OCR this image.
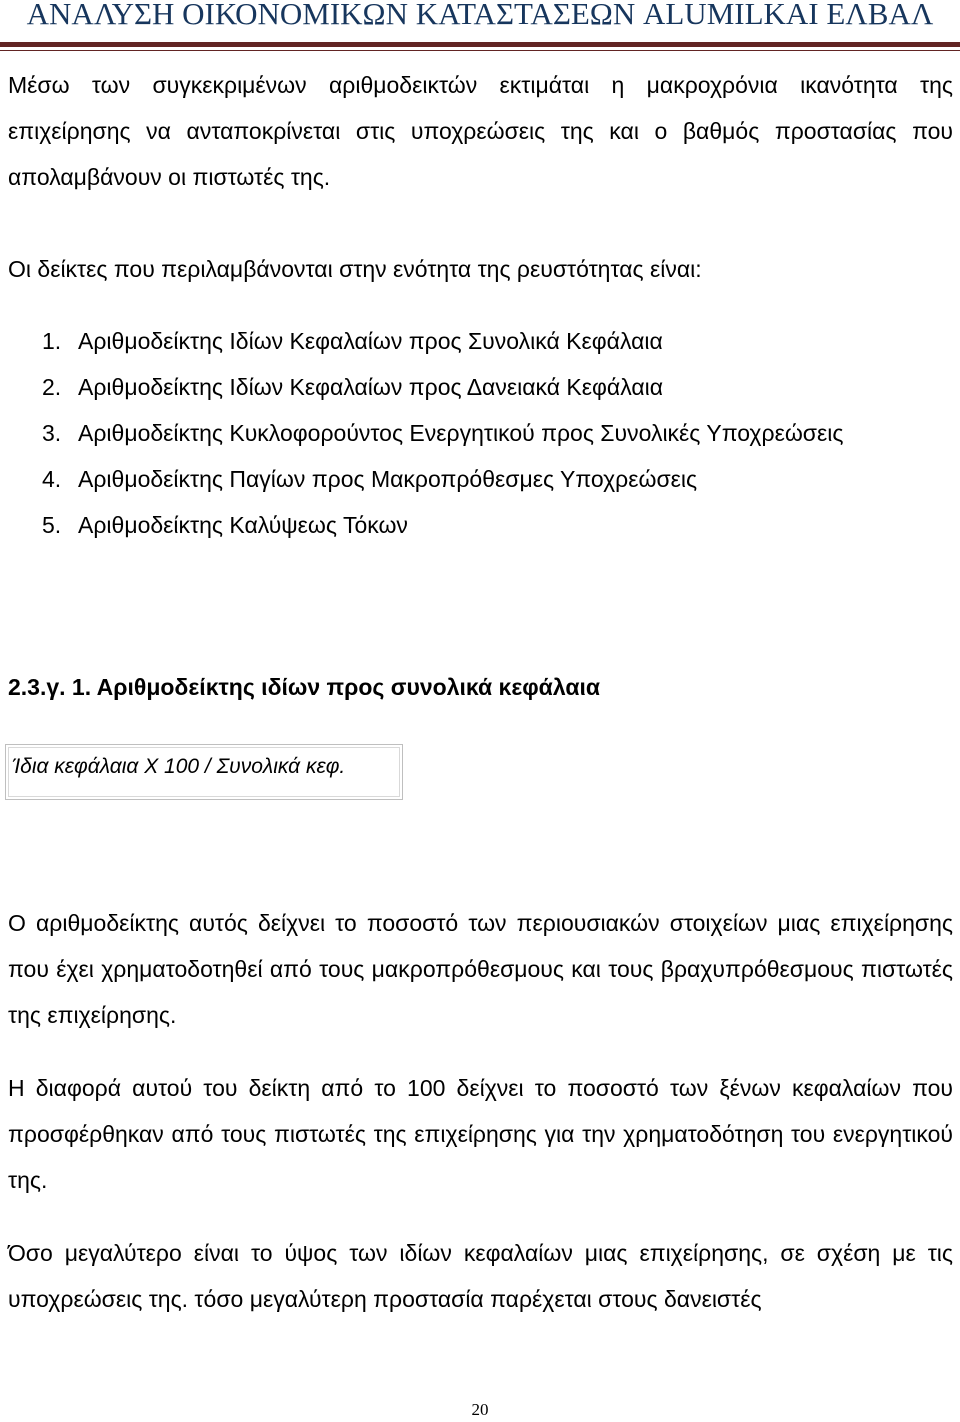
ΑΝΑΛΥΣΗ ΟΙΚΟΝΟΜΙΚΩΝ ΚΑΤΑΣΤΑΣΕΩΝ ALUMILKAI ΕΛΒΑΛ

Μέσω των συγκεκριμένων αριθμοδεικτών εκτιμάται η μακροχρόνια ικανότητα της επιχείρησης να ανταποκρίνεται στις υποχρεώσεις της και ο βαθμός προστασίας που απολαμβάνουν οι πιστωτές της.

Οι δείκτες που περιλαμβάνονται στην ενότητα της ρευστότητας είναι:

1. Αριθμοδείκτης Ιδίων Κεφαλαίων προς Συνολικά Κεφάλαια
2. Αριθμοδείκτης Ιδίων Κεφαλαίων προς Δανειακά Κεφάλαια
3. Αριθμοδείκτης Κυκλοφορούντος Ενεργητικού προς Συνολικές Υποχρεώσεις
4. Αριθμοδείκτης Παγίων προς Μακροπρόθεσμες Υποχρεώσεις
5. Αριθμοδείκτης Καλύψεως Τόκων
2.3.γ. 1. Αριθμοδείκτης ιδίων προς συνολικά κεφάλαια
Ίδια κεφάλαια Χ 100 / Συνολικά κεφ.

Ο αριθμοδείκτης αυτός δείχνει το ποσοστό των περιουσιακών στοιχείων μιας επιχείρησης που έχει χρηματοδοτηθεί από τους μακροπρόθεσμους και τους βραχυπρόθεσμους πιστωτές της επιχείρησης.

Η διαφορά αυτού του δείκτη από το 100 δείχνει το ποσοστό των ξένων κεφαλαίων που προσφέρθηκαν από τους πιστωτές της επιχείρησης για την χρηματοδότηση του ενεργητικού της.

Όσο μεγαλύτερο είναι το ύψος των ιδίων κεφαλαίων μιας επιχείρησης, σε σχέση με τις υποχρεώσεις της. τόσο μεγαλύτερη προστασία παρέχεται στους δανειστές

20
